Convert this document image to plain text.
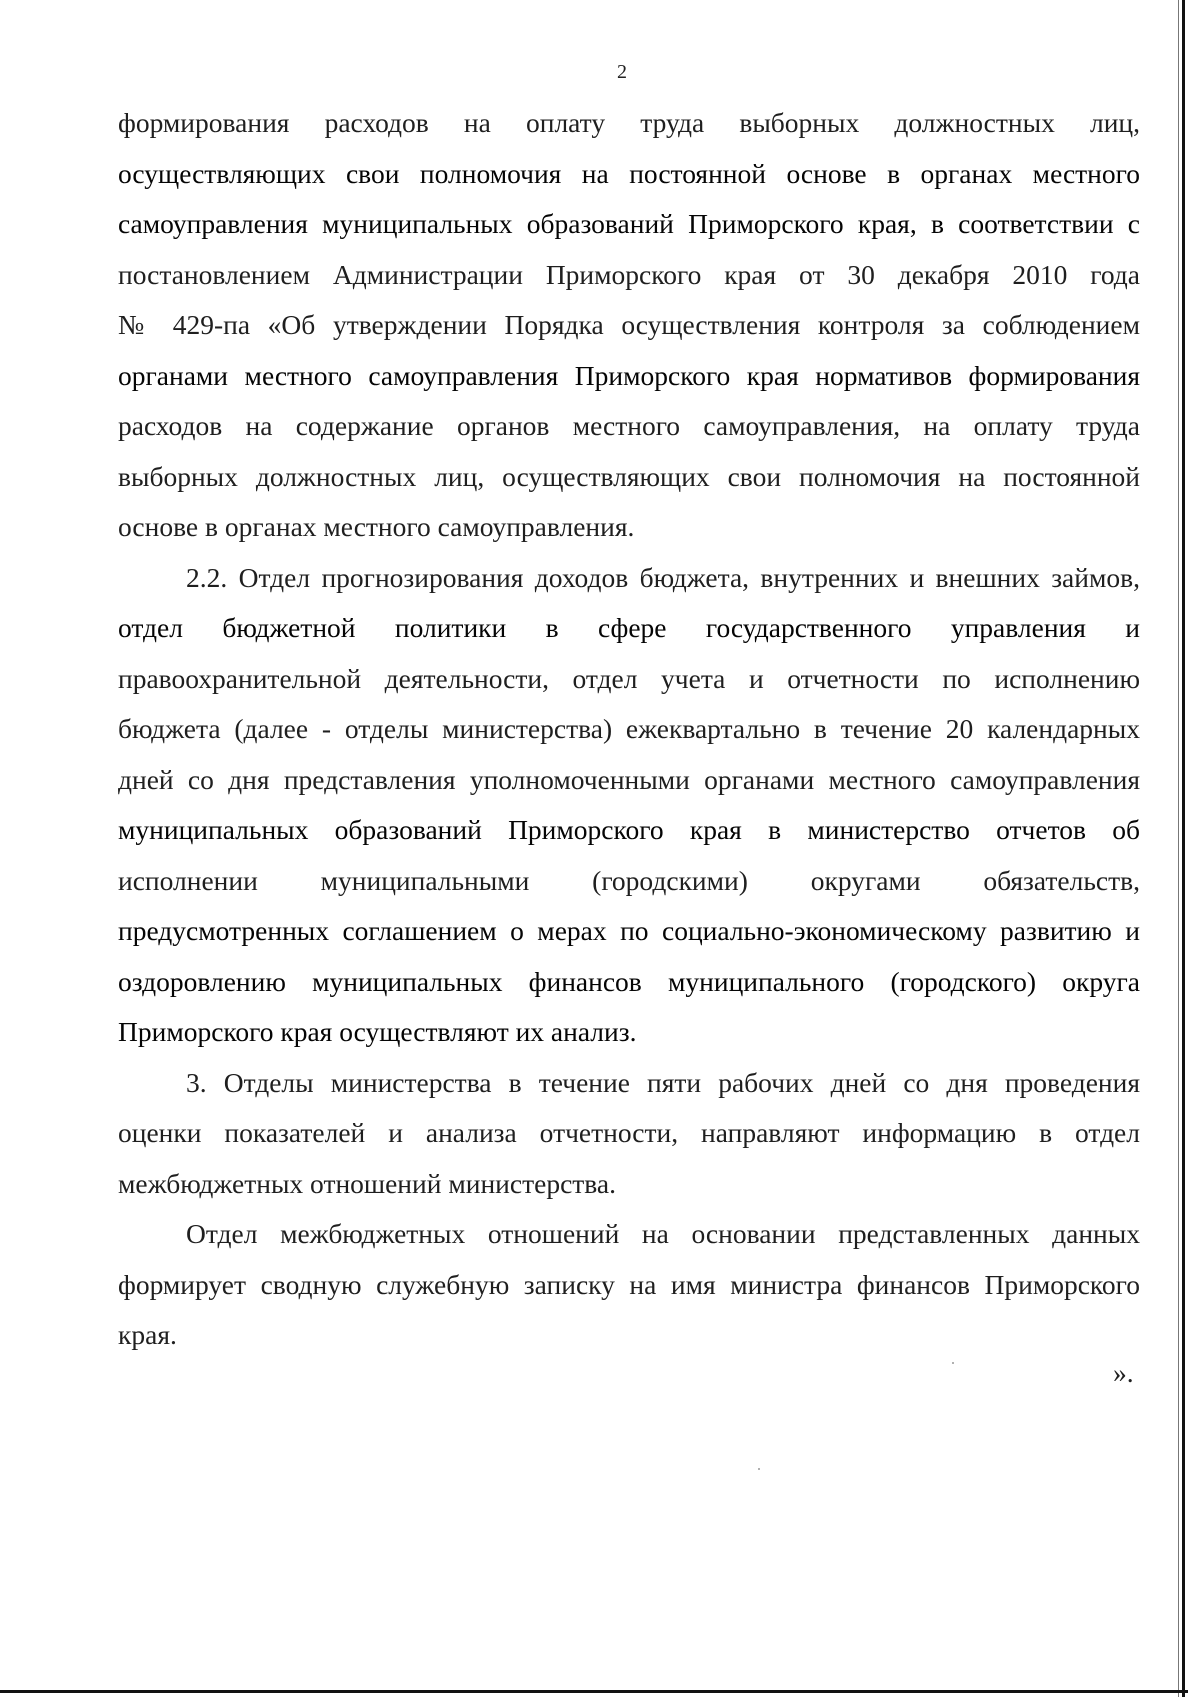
2
формирования расходов на оплату труда выборных должностных лиц,
осуществляющих свои полномочия на постоянной основе в органах местного
самоуправления муниципальных образований Приморского края, в соответствии с
постановлением Администрации Приморского края от 30 декабря 2010 года
№ 429-па «Об утверждении Порядка осуществления контроля за соблюдением
органами местного самоуправления Приморского края нормативов формирования
расходов на содержание органов местного самоуправления, на оплату труда
выборных должностных лиц, осуществляющих свои полномочия на постоянной
основе в органах местного самоуправления.
2.2. Отдел прогнозирования доходов бюджета, внутренних и внешних займов,
отдел бюджетной политики в сфере государственного управления и
правоохранительной деятельности, отдел учета и отчетности по исполнению
бюджета (далее - отделы министерства) ежеквартально в течение 20 календарных
дней со дня представления уполномоченными органами местного самоуправления
муниципальных образований Приморского края в министерство отчетов об
исполнении муниципальными (городскими) округами обязательств,
предусмотренных соглашением о мерах по социально-экономическому развитию и
оздоровлению муниципальных финансов муниципального (городского) округа
Приморского края осуществляют их анализ.
3. Отделы министерства в течение пяти рабочих дней со дня проведения
оценки показателей и анализа отчетности, направляют информацию в отдел
межбюджетных отношений министерства.
Отдел межбюджетных отношений на основании представленных данных
формирует сводную служебную записку на имя министра финансов Приморского
края.
».
